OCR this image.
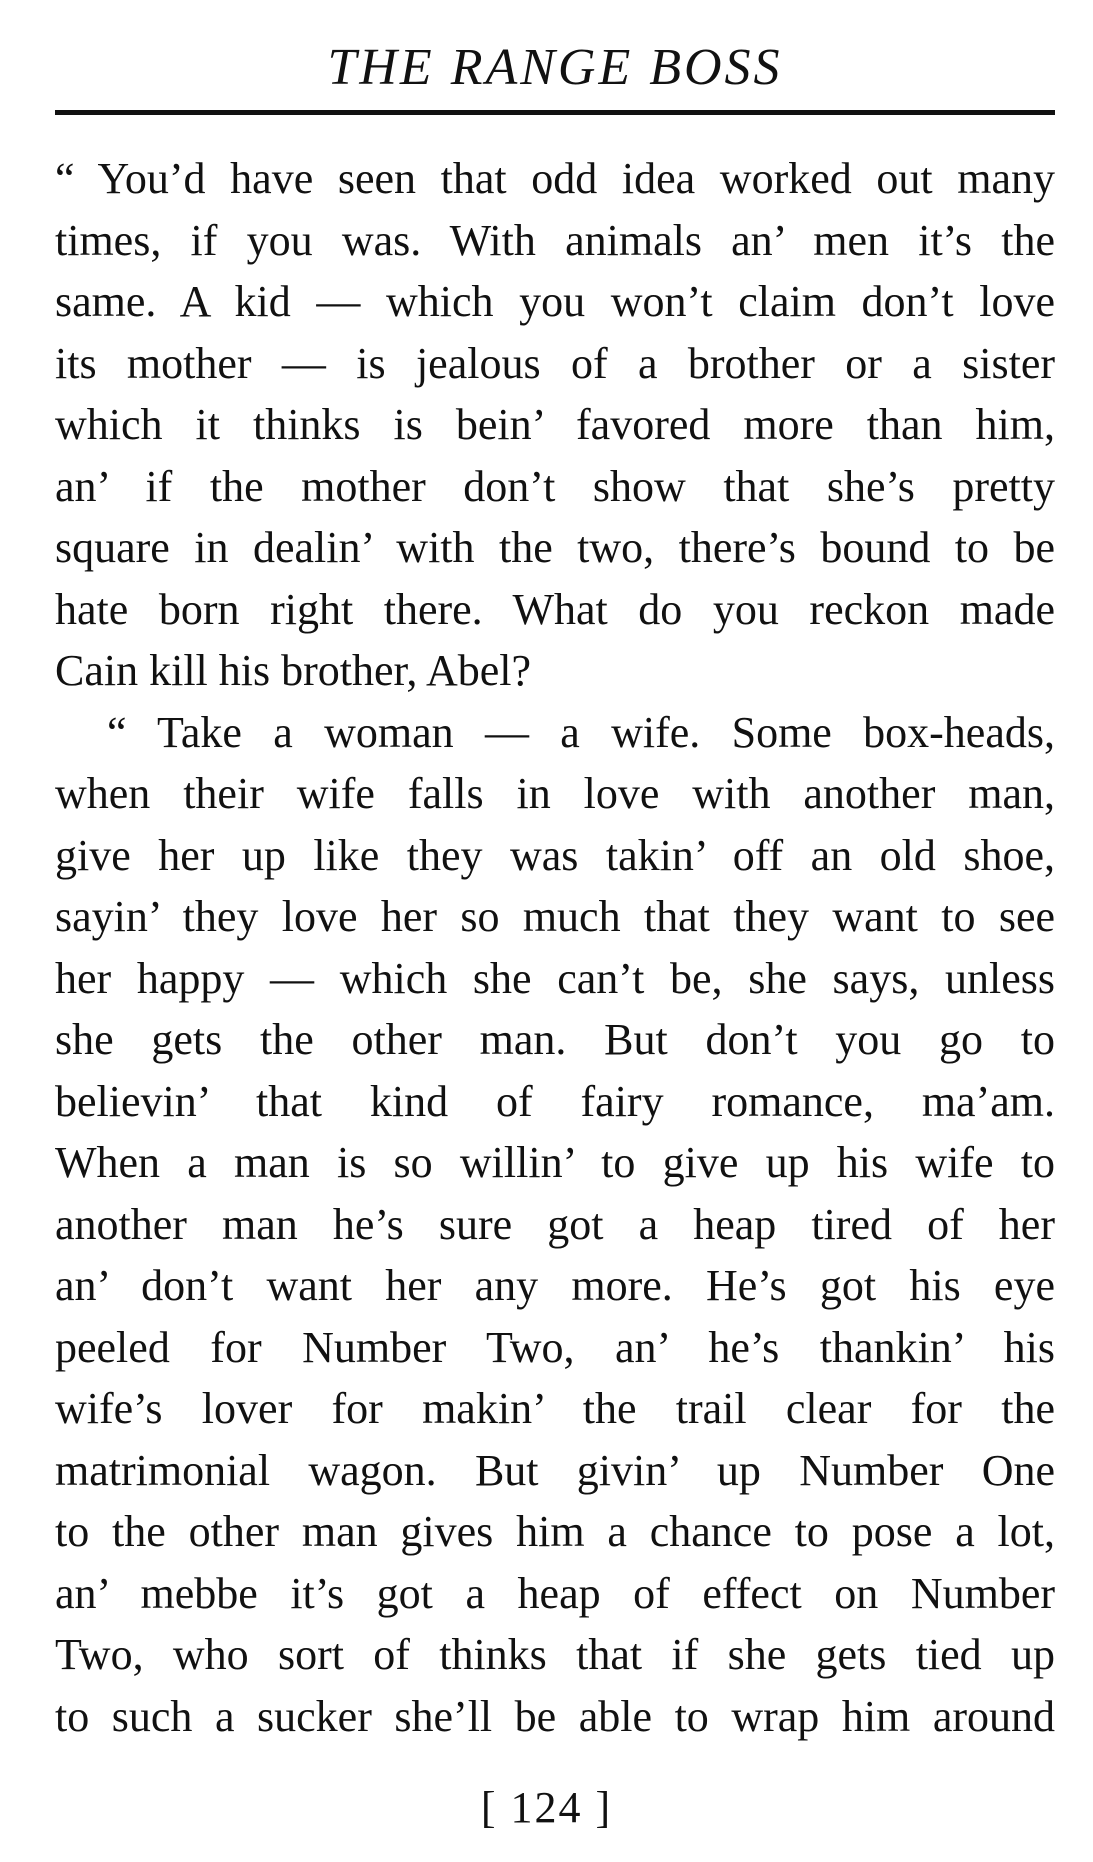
THE RANGE BOSS
“ You’d have seen that odd idea worked out many
times, if you was. With animals an’ men it’s the
same. A kid — which you won’t claim don’t love
its mother — is jealous of a brother or a sister
which it thinks is bein’ favored more than him,
an’ if the mother don’t show that she’s pretty
square in dealin’ with the two, there’s bound to be
hate born right there. What do you reckon made
Cain kill his brother, Abel?
“ Take a woman — a wife. Some box-heads,
when their wife falls in love with another man,
give her up like they was takin’ off an old shoe,
sayin’ they love her so much that they want to see
her happy — which she can’t be, she says, unless
she gets the other man. But don’t you go to
believin’ that kind of fairy romance, ma’am.
When a man is so willin’ to give up his wife to
another man he’s sure got a heap tired of her
an’ don’t want her any more. He’s got his eye
peeled for Number Two, an’ he’s thankin’ his
wife’s lover for makin’ the trail clear for the
matrimonial wagon. But givin’ up Number One
to the other man gives him a chance to pose a lot,
an’ mebbe it’s got a heap of effect on Number
Two, who sort of thinks that if she gets tied up
to such a sucker she’ll be able to wrap him around
[ 124 ]
